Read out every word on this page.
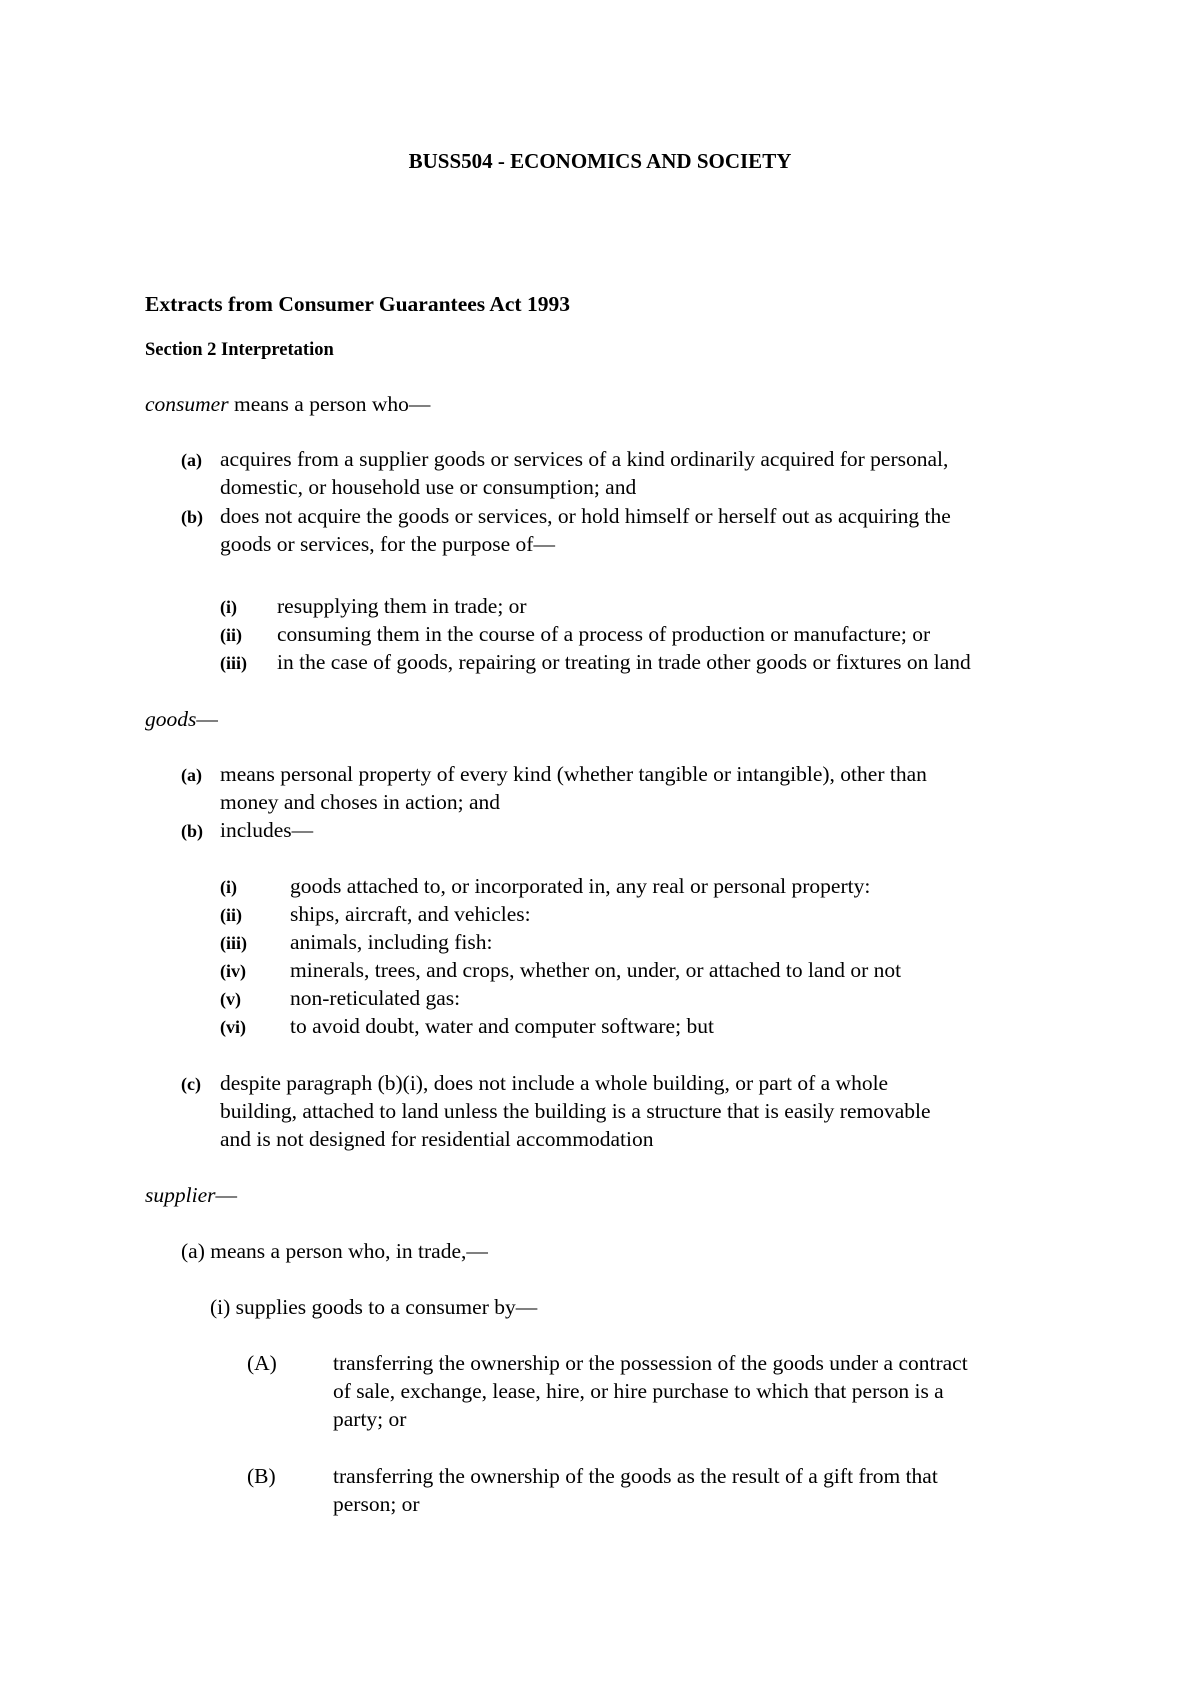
BUSS504 - ECONOMICS AND SOCIETY
Extracts from Consumer Guarantees Act 1993
Section 2 Interpretation
consumer means a person who—
(a) acquires from a supplier goods or services of a kind ordinarily acquired for personal,
domestic, or household use or consumption; and
(b) does not acquire the goods or services, or hold himself or herself out as acquiring the
goods or services, for the purpose of—
(i) resupplying them in trade; or
(ii) consuming them in the course of a process of production or manufacture; or
(iii) in the case of goods, repairing or treating in trade other goods or fixtures on land
goods—
(a) means personal property of every kind (whether tangible or intangible), other than
money and choses in action; and
(b) includes—
(i) goods attached to, or incorporated in, any real or personal property:
(ii) ships, aircraft, and vehicles:
(iii) animals, including fish:
(iv) minerals, trees, and crops, whether on, under, or attached to land or not
(v) non-reticulated gas:
(vi) to avoid doubt, water and computer software; but
(c) despite paragraph (b)(i), does not include a whole building, or part of a whole
building, attached to land unless the building is a structure that is easily removable
and is not designed for residential accommodation
supplier—
(a) means a person who, in trade,—
(i) supplies goods to a consumer by—
(A)	transferring the ownership or the possession of the goods under a contract
of sale, exchange, lease, hire, or hire purchase to which that person is a
party; or
(B)	transferring the ownership of the goods as the result of a gift from that
person; or
